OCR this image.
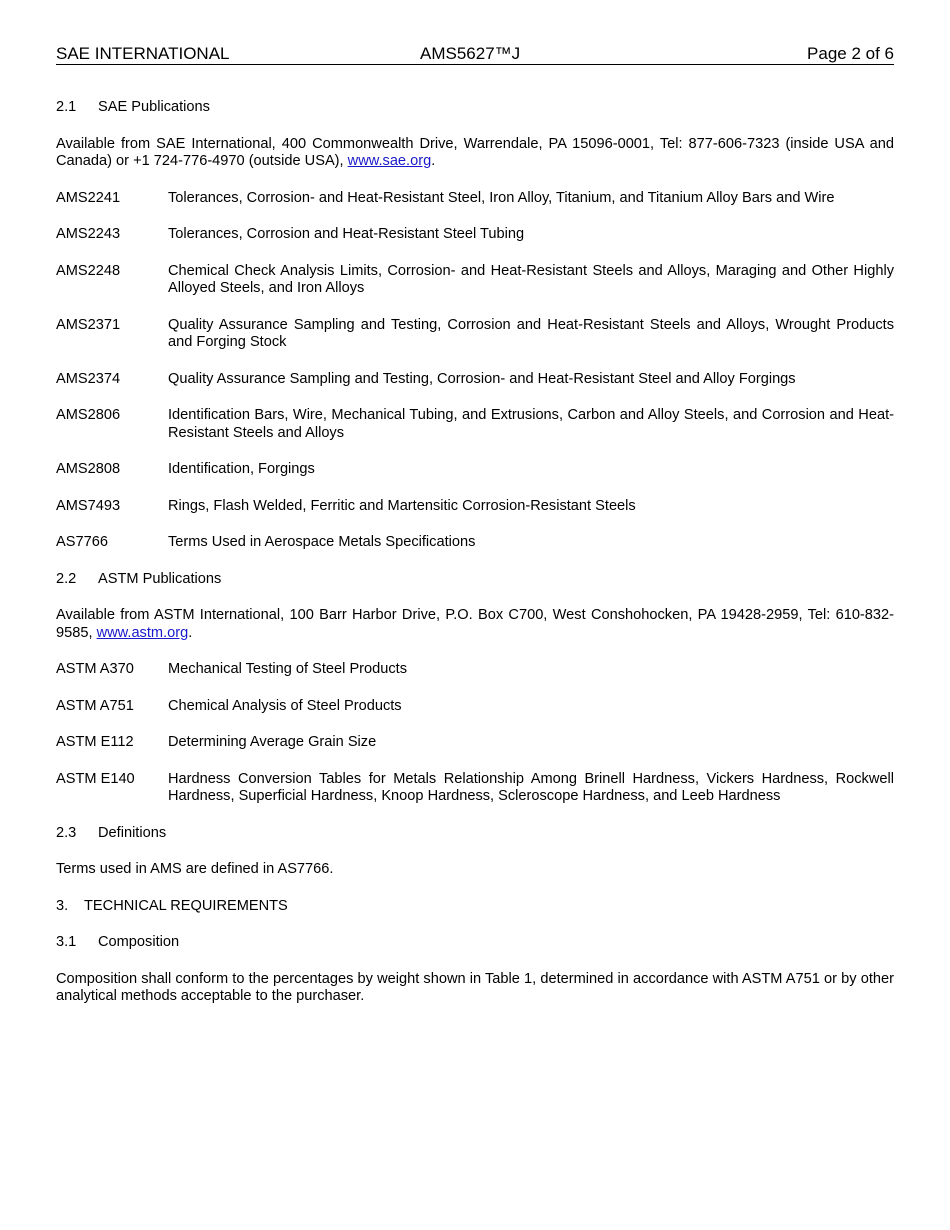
SAE INTERNATIONAL	AMS5627™J	Page 2 of 6
2.1	SAE Publications
Available from SAE International, 400 Commonwealth Drive, Warrendale, PA 15096-0001, Tel: 877-606-7323 (inside USA and Canada) or +1 724-776-4970 (outside USA), www.sae.org.
AMS2241	Tolerances, Corrosion- and Heat-Resistant Steel, Iron Alloy, Titanium, and Titanium Alloy Bars and Wire
AMS2243	Tolerances, Corrosion and Heat-Resistant Steel Tubing
AMS2248	Chemical Check Analysis Limits, Corrosion- and Heat-Resistant Steels and Alloys, Maraging and Other Highly Alloyed Steels, and Iron Alloys
AMS2371	Quality Assurance Sampling and Testing, Corrosion and Heat-Resistant Steels and Alloys, Wrought Products and Forging Stock
AMS2374	Quality Assurance Sampling and Testing, Corrosion- and Heat-Resistant Steel and Alloy Forgings
AMS2806	Identification Bars, Wire, Mechanical Tubing, and Extrusions, Carbon and Alloy Steels, and Corrosion and Heat-Resistant Steels and Alloys
AMS2808	Identification, Forgings
AMS7493	Rings, Flash Welded, Ferritic and Martensitic Corrosion-Resistant Steels
AS7766	Terms Used in Aerospace Metals Specifications
2.2	ASTM Publications
Available from ASTM International, 100 Barr Harbor Drive, P.O. Box C700, West Conshohocken, PA 19428-2959, Tel: 610-832-9585, www.astm.org.
ASTM A370	Mechanical Testing of Steel Products
ASTM A751	Chemical Analysis of Steel Products
ASTM E112	Determining Average Grain Size
ASTM E140	Hardness Conversion Tables for Metals Relationship Among Brinell Hardness, Vickers Hardness, Rockwell Hardness, Superficial Hardness, Knoop Hardness, Scleroscope Hardness, and Leeb Hardness
2.3	Definitions
Terms used in AMS are defined in AS7766.
3.	TECHNICAL REQUIREMENTS
3.1	Composition
Composition shall conform to the percentages by weight shown in Table 1, determined in accordance with ASTM A751 or by other analytical methods acceptable to the purchaser.
